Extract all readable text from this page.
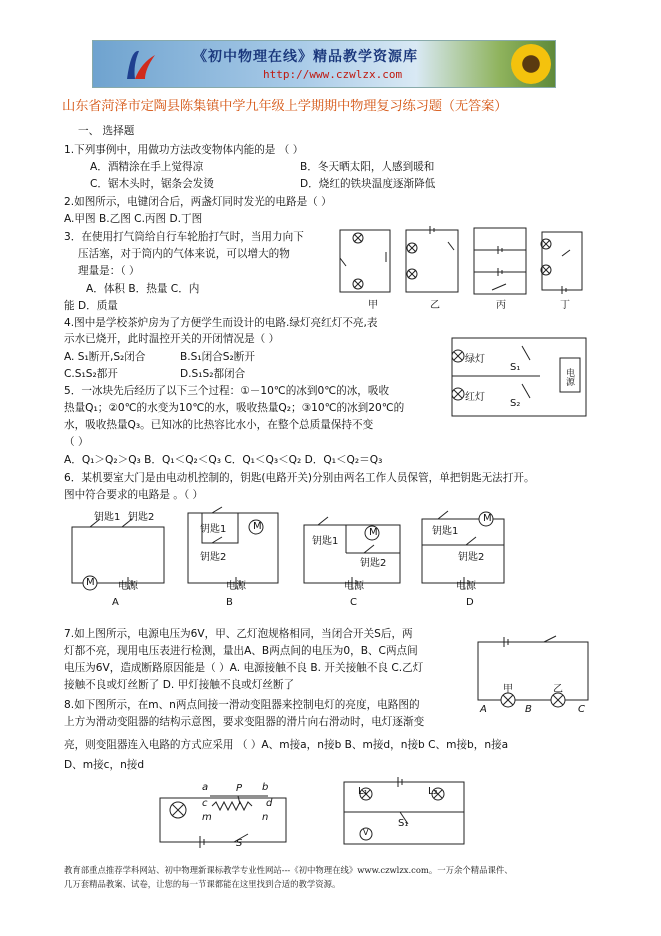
《初中物理在线》精品教学资源库
http://www.czwlzx.com
山东省菏泽市定陶县陈集镇中学九年级上学期期中物理复习练习题（无答案）
一、 选择题
1.下列事例中，用做功方法改变物体内能的是 （ ）
A．酒精涂在手上觉得凉	B．冬天晒太阳，人感到暖和
C．锯木头时，锯条会发烫	D．烧红的铁块温度逐渐降低
2.如图所示，电键闭合后，两盏灯同时发光的电路是（ ）
A.甲图 B.乙图 C.丙图 D.丁图
甲	乙	丙	丁
3．在使用打气筒给自行车轮胎打气时，当用力向下
压活塞，对于筒内的气体来说，可以增大的物
理量是：（ ）
A．体积 B．热量 C．内
能 D．质量
4.图中是学校茶炉房为了方便学生而设计的电路.绿灯亮红灯不亮,表
示水已烧开，此时温控开关的开闭情况是（ ）
A. S₁断开,S₂闭合	B.S₁闭合S₂断开
C.S₁S₂都开	D.S₁S₂都闭合
绿灯
红灯
S₁
S₂
电源
5．一冰块先后经历了以下三个过程：①－10℃的冰到0℃的冰，吸收
热量Q₁；②0℃的水变为10℃的水，吸收热量Q₂；③10℃的冰到20℃的
水，吸收热量Q₃。已知冰的比热容比水小，在整个总质量保持不变
（ ）
A．Q₁＞Q₂＞Q₃ B．Q₁＜Q₂＜Q₃ C．Q₁＜Q₃＜Q₂ D．Q₁＜Q₂＝Q₃
6．某机要室大门是由电动机控制的，钥匙(电路开关)分别由两名工作人员保管，单把钥匙无法打开。
图中符合要求的电路是 。（ ）
钥匙1 钥匙2
M 电源
钥匙1
钥匙2
M
电源
钥匙1
钥匙2
M
电源
钥匙1
钥匙2
M
电源
A	B	C	D
7.如上图所示，电源电压为6V，甲、乙灯泡规格相同，当闭合开关S后，两
灯都不亮，现用电压表进行检测，量出A、B两点间的电压为0，B、C两点间
电压为6V，造成断路原因能是（ ）A. 电源接触不良 B. 开关接触不良 C.乙灯
接触不良或灯丝断了 D. 甲灯接触不良或灯丝断了	甲	乙
A	B	C
8.如下图所示，在m、n两点间接一滑动变阻器来控制电灯的亮度，电路图的
上方为滑动变阻器的结构示意图，要求变阻器的滑片向右滑动时，电灯逐渐变
亮，则变阻器连入电路的方式应采用 （ ）A、m接a，n接b B、m接d，n接b C、m接b，n接a
D、m接c，n接d
a	b
c	d
m	n
P
S
L₁	L₂
S₁
V
教育部重点推荐学科网站、初中物理新课标教学专业性网站---《初中物理在线》www.czwlzx.com。一万余个精品课件、
几万套精品教案、试卷，让您的每一节课都能在这里找到合适的教学资源。
